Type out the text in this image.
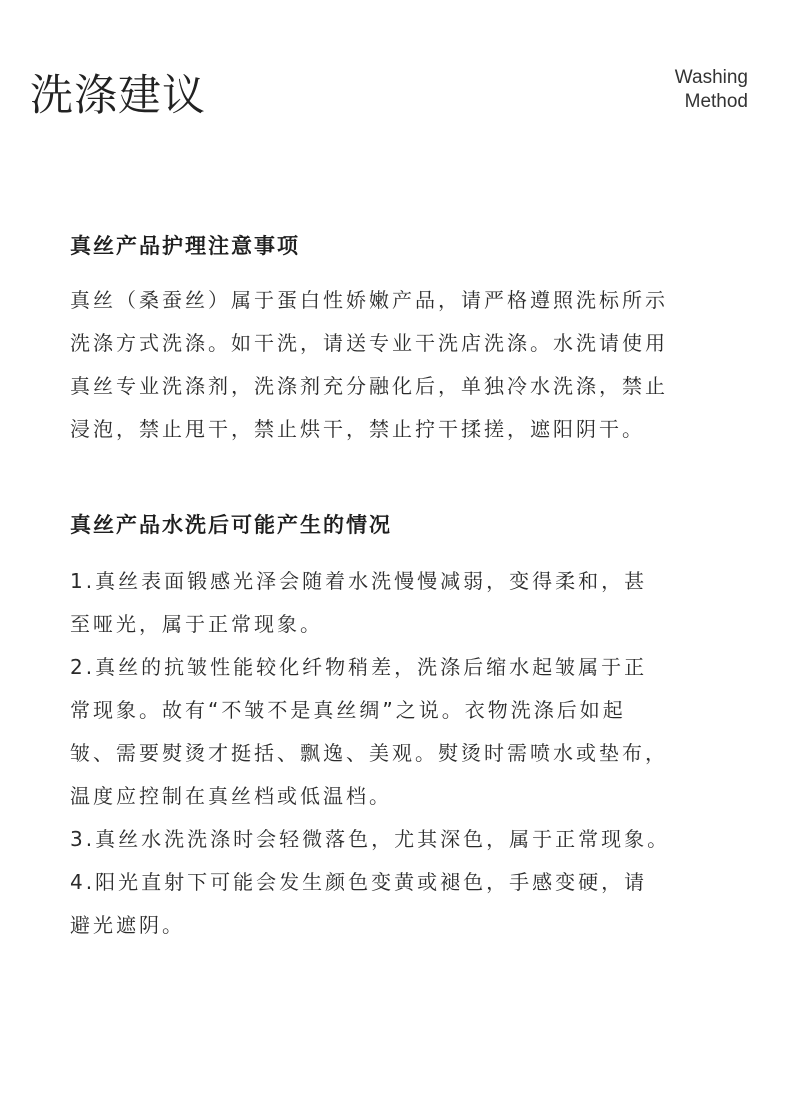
洗涤建议	Washing
Method
真丝产品护理注意事项

真丝（桑蚕丝）属于蛋白性娇嫩产品，请严格遵照洗标所示

洗涤方式洗涤。如干洗，请送专业干洗店洗涤。水洗请使用

真丝专业洗涤剂，洗涤剂充分融化后，单独冷水洗涤，禁止

浸泡，禁止甩干，禁止烘干，禁止拧干揉搓，遮阳阴干。

真丝产品水洗后可能产生的情况

1.真丝表面锻感光泽会随着水洗慢慢减弱，变得柔和，甚

至哑光，属于正常现象。

2.真丝的抗皱性能较化纤物稍差，洗涤后缩水起皱属于正

常现象。故有“不皱不是真丝绸”之说。衣物洗涤后如起

皱、需要熨烫才挺括、飘逸、美观。熨烫时需喷水或垫布，

温度应控制在真丝档或低温档。

3.真丝水洗洗涤时会轻微落色，尤其深色，属于正常现象。

4.阳光直射下可能会发生颜色变黄或褪色，手感变硬，请

避光遮阴。
